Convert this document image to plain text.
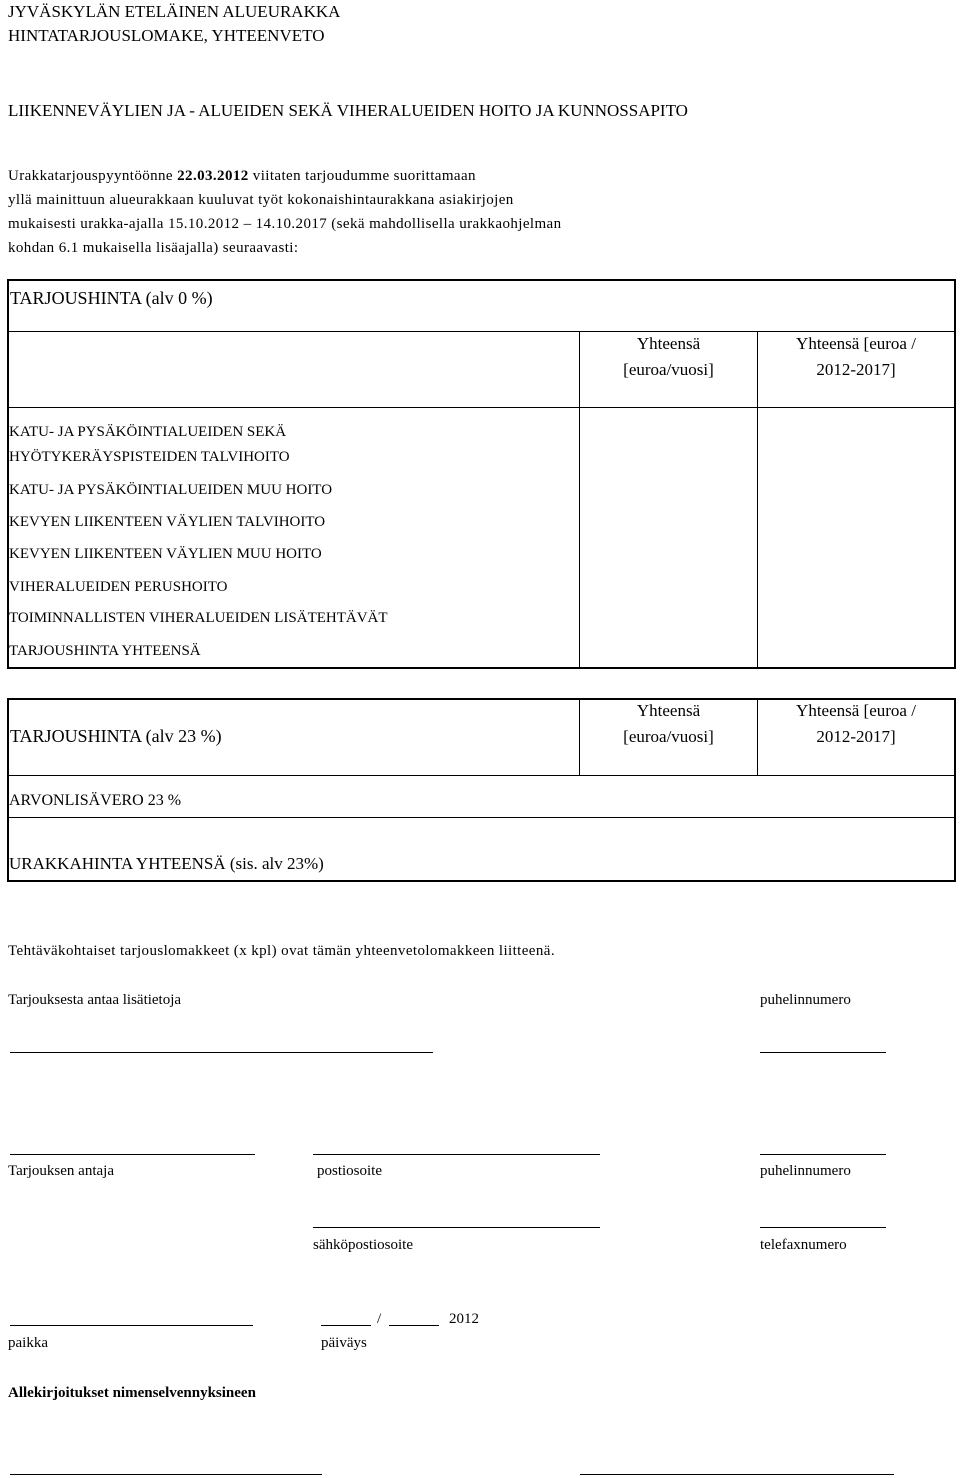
JYVÄSKYLÄN ETELÄINEN ALUEURAKKA
HINTATARJOUSLOMAKE, YHTEENVETO
LIIKENNEVÄYLIEN JA - ALUEIDEN SEKÄ VIHERALUEIDEN HOITO JA KUNNOSSAPITO
Urakkatarjouspyyntöönne 22.03.2012 viitaten tarjoudumme suorittamaan
yllä mainittuun alueurakkaan kuuluvat työt kokonaishintaurakkana asiakirjojen
mukaisesti urakka-ajalla 15.10.2012 – 14.10.2017 (sekä mahdollisella urakkaohjelman
kohdan 6.1 mukaisella lisäajalla) seuraavasti:
TARJOUSHINTA (alv 0 %)
Yhteensä
[euroa/vuosi]
Yhteensä [euroa /
2012-2017]
KATU- JA PYSÄKÖINTIALUEIDEN SEKÄ
HYÖTYKERÄYSPISTEIDEN TALVIHOITO
KATU- JA PYSÄKÖINTIALUEIDEN MUU HOITO
KEVYEN LIIKENTEEN VÄYLIEN TALVIHOITO
KEVYEN LIIKENTEEN VÄYLIEN MUU HOITO
VIHERALUEIDEN PERUSHOITO
TOIMINNALLISTEN VIHERALUEIDEN LISÄTEHTÄVÄT
TARJOUSHINTA YHTEENSÄ
TARJOUSHINTA (alv 23 %)
Yhteensä
[euroa/vuosi]
Yhteensä [euroa /
2012-2017]
ARVONLISÄVERO 23 %
URAKKAHINTA YHTEENSÄ (sis. alv 23%)
Tehtäväkohtaiset tarjouslomakkeet (x kpl) ovat tämän yhteenvetolomakkeen liitteenä.
Tarjouksesta antaa lisätietoja	puhelinnumero
Tarjouksen antaja	postiosoite	puhelinnumero
sähköpostiosoite	telefaxnumero
/	2012
paikka	päiväys
Allekirjoitukset nimenselvennyksineen
